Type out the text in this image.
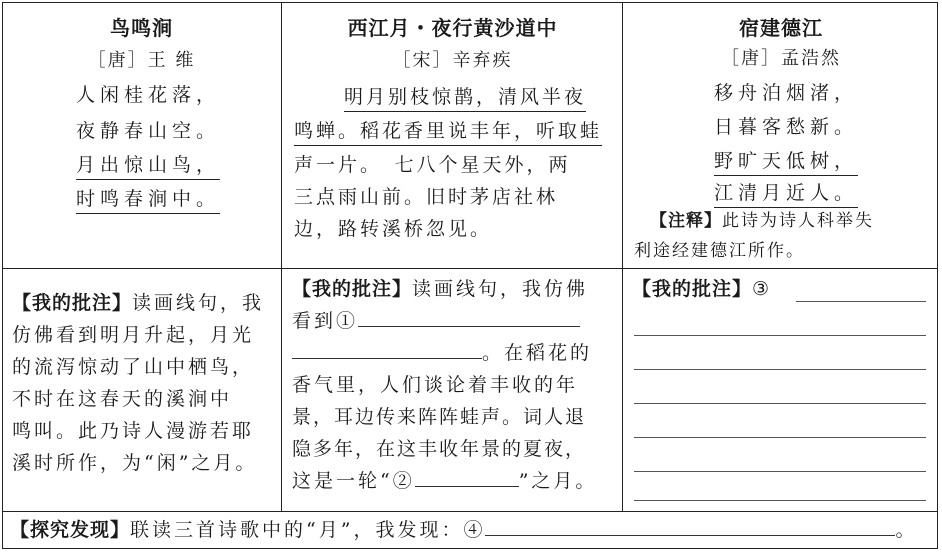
鸟鸣涧
［唐］王 维
人闲桂花落，
夜静春山空。
月出惊山鸟，
时鸣春涧中。
西江月・夜行黄沙道中
［宋］辛弃疾
明月别枝惊鹊，清风半夜
鸣蝉。稻花香里说丰年，听取蛙
声一片。　七八个星天外，两
三点雨山前。旧时茅店社林
边，路转溪桥忽见。
宿建德江
［唐］孟浩然
移舟泊烟渚，
日暮客愁新。
野旷天低树，
江清月近人。
【注释】此诗为诗人科举失
利途经建德江所作。
【我的批注】读画线句，我
仿佛看到明月升起，月光
的流泻惊动了山中栖鸟，
不时在这春天的溪涧中
鸣叫。此乃诗人漫游若耶
溪时所作，为“闲”之月。
【我的批注】读画线句，我仿佛
看到①
。在稻花的
香气里，人们谈论着丰收的年
景，耳边传来阵阵蛙声。词人退
隐多年，在这丰收年景的夏夜，
这是一轮“②	”之月。
【我的批注】③
【探究发现】联读三首诗歌中的“月”，我发现：④	。
